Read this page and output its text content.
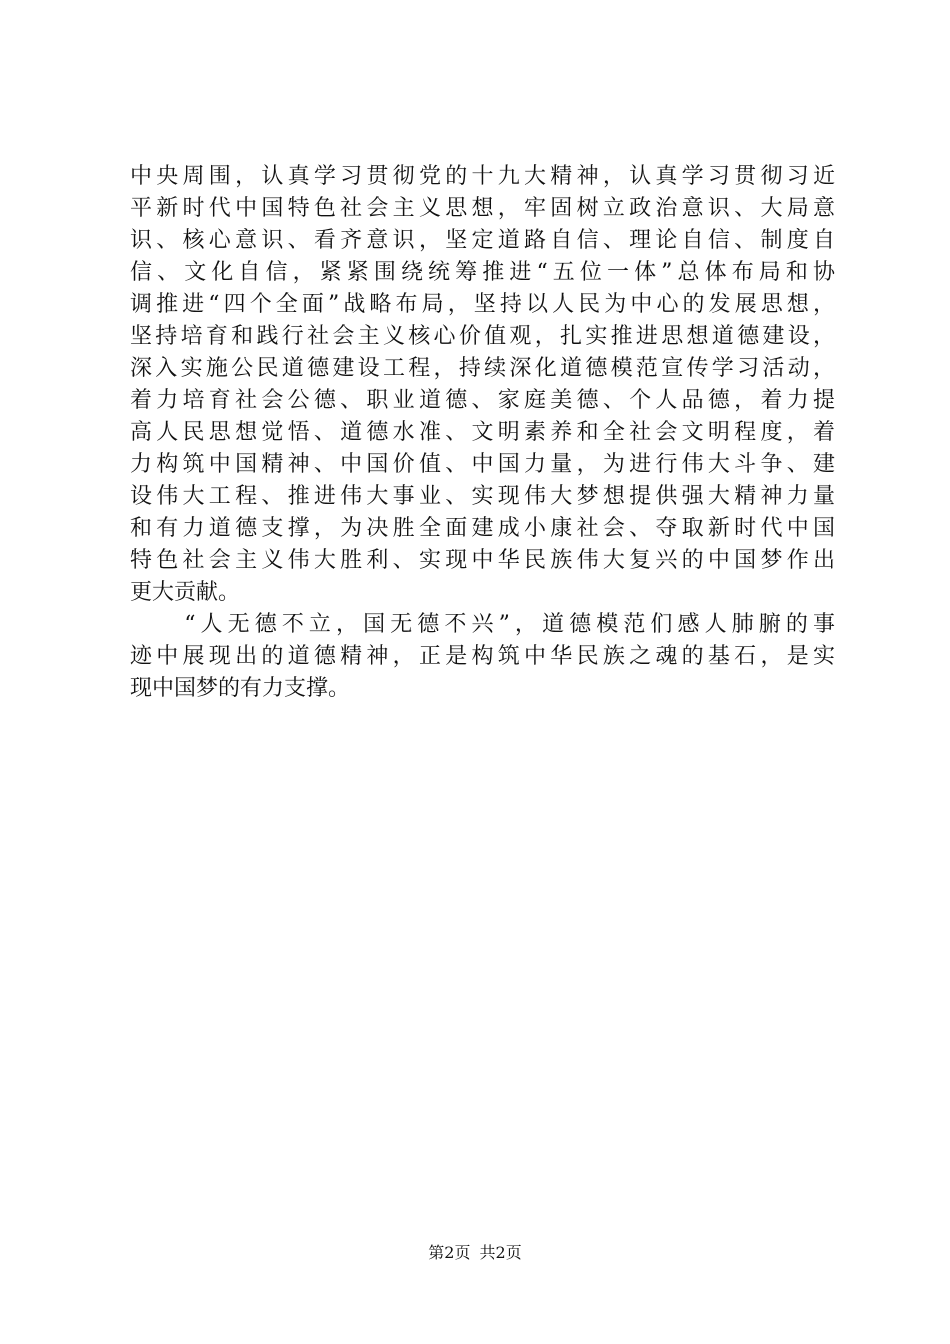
中央周围，认真学习贯彻党的十九大精神，认真学习贯彻习近
平新时代中国特色社会主义思想，牢固树立政治意识、大局意
识、核心意识、看齐意识，坚定道路自信、理论自信、制度自
信、文化自信，紧紧围绕统筹推进“五位一体”总体布局和协
调推进“四个全面”战略布局，坚持以人民为中心的发展思想，
坚持培育和践行社会主义核心价值观，扎实推进思想道德建设，
深入实施公民道德建设工程，持续深化道德模范宣传学习活动，
着力培育社会公德、职业道德、家庭美德、个人品德，着力提
高人民思想觉悟、道德水准、文明素养和全社会文明程度，着
力构筑中国精神、中国价值、中国力量，为进行伟大斗争、建
设伟大工程、推进伟大事业、实现伟大梦想提供强大精神力量
和有力道德支撑，为决胜全面建成小康社会、夺取新时代中国
特色社会主义伟大胜利、实现中华民族伟大复兴的中国梦作出
更大贡献。
　　“人无德不立，国无德不兴”，道德模范们感人肺腑的事
迹中展现出的道德精神，正是构筑中华民族之魂的基石，是实
现中国梦的有力支撑。
第2页 共2页
